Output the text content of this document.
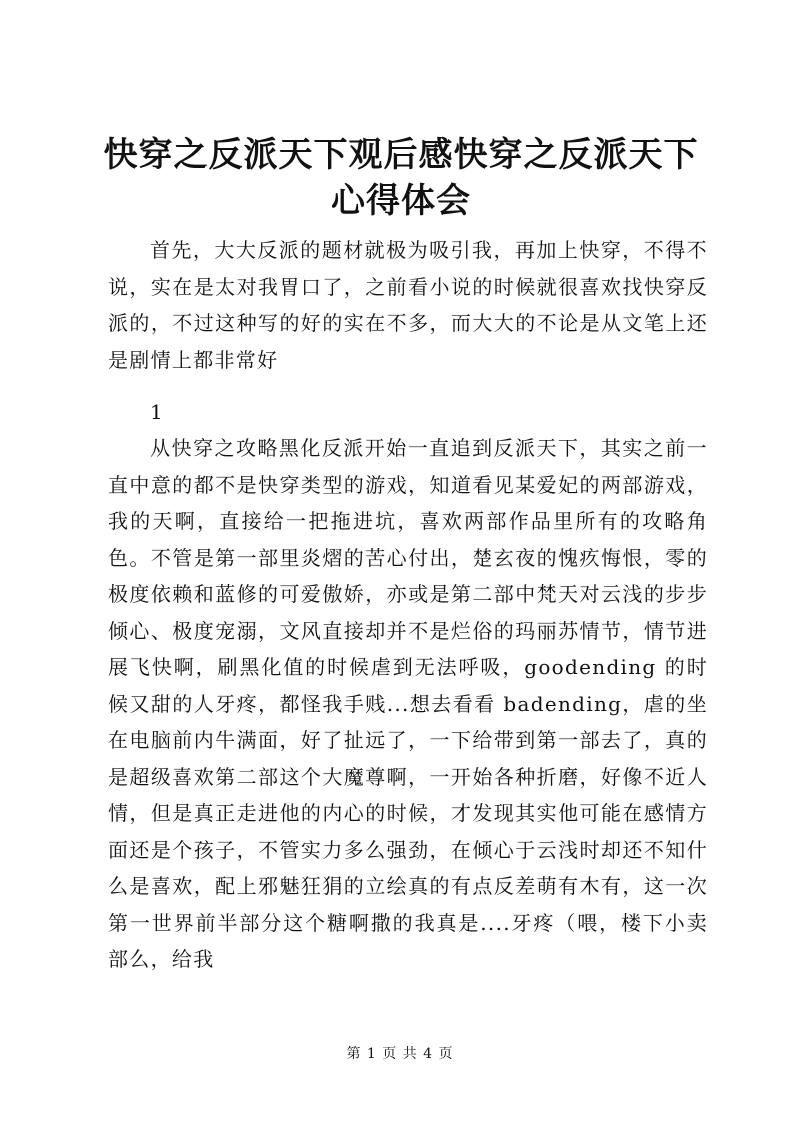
快穿之反派天下观后感快穿之反派天下心得体会

首先，大大反派的题材就极为吸引我，再加上快穿，不得不说，实在是太对我胃口了，之前看小说的时候就很喜欢找快穿反派的，不过这种写的好的实在不多，而大大的不论是从文笔上还是剧情上都非常好

1

从快穿之攻略黑化反派开始一直追到反派天下，其实之前一直中意的都不是快穿类型的游戏，知道看见某爱妃的两部游戏，我的天啊，直接给一把拖进坑，喜欢两部作品里所有的攻略角色。不管是第一部里炎熠的苦心付出，楚玄夜的愧疚悔恨，零的极度依赖和蓝修的可爱傲娇，亦或是第二部中梵天对云浅的步步倾心、极度宠溺，文风直接却并不是烂俗的玛丽苏情节，情节进展飞快啊，刷黑化值的时候虐到无法呼吸，goodending 的时候又甜的人牙疼，都怪我手贱...想去看看 badending，虐的坐在电脑前内牛满面，好了扯远了，一下给带到第一部去了，真的是超级喜欢第二部这个大魔尊啊，一开始各种折磨，好像不近人情，但是真正走进他的内心的时候，才发现其实他可能在感情方面还是个孩子，不管实力多么强劲，在倾心于云浅时却还不知什么是喜欢，配上邪魅狂狷的立绘真的有点反差萌有木有，这一次第一世界前半部分这个糖啊撒的我真是....牙疼（喂，楼下小卖部么，给我

第 1 页 共 4 页
